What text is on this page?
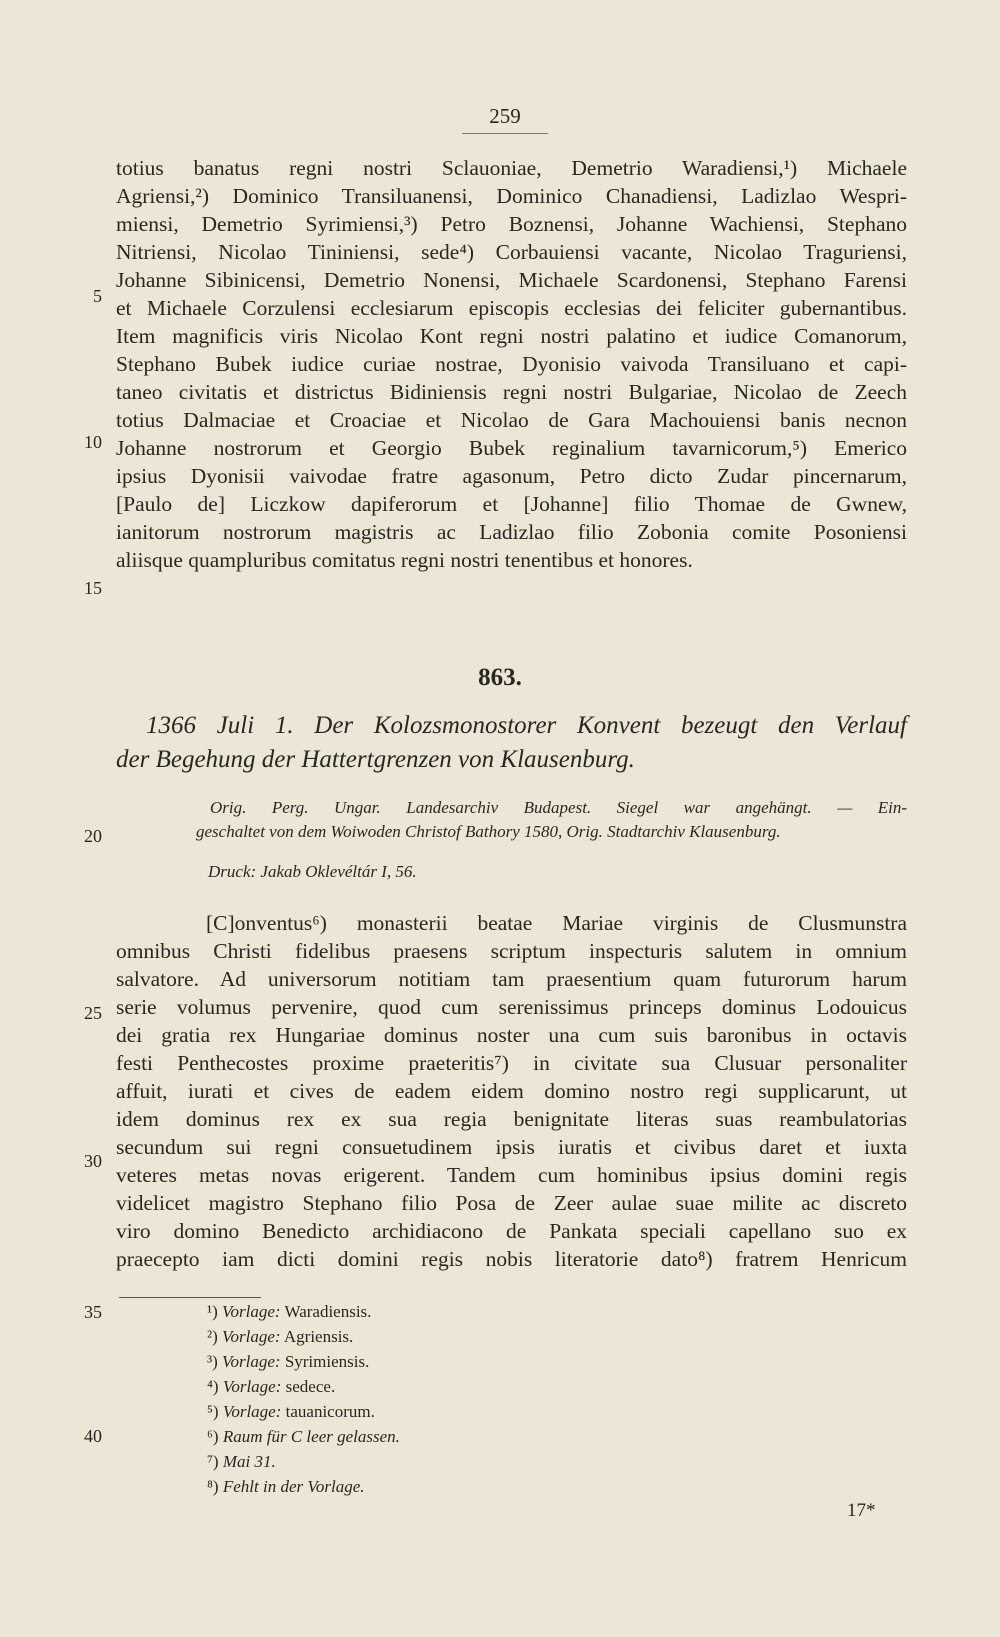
259
totius banatus regni nostri Sclauoniae, Demetrio Waradiensi,¹) Michaele
Agriensi,²) Dominico Transiluanensi, Dominico Chanadiensi, Ladizlao Wespri-
miensi, Demetrio Syrimiensi,³) Petro Boznensi, Johanne Wachiensi, Stephano
Nitriensi, Nicolao Tininiensi, sede⁴) Corbauiensi vacante, Nicolao Traguriensi,
Johanne Sibinicensi, Demetrio Nonensi, Michaele Scardonensi, Stephano Farensi
et Michaele Corzulensi ecclesiarum episcopis ecclesias dei feliciter gubernantibus.
Item magnificis viris Nicolao Kont regni nostri palatino et iudice Comanorum,
Stephano Bubek iudice curiae nostrae, Dyonisio vaivoda Transiluano et capi-
taneo civitatis et districtus Bidiniensis regni nostri Bulgariae, Nicolao de Zeech
totius Dalmaciae et Croaciae et Nicolao de Gara Machouiensi banis necnon
Johanne nostrorum et Georgio Bubek reginalium tavarnicorum,⁵) Emerico
ipsius Dyonisii vaivodae fratre agasonum, Petro dicto Zudar pincernarum,
[Paulo de] Liczkow dapiferorum et [Johanne] filio Thomae de Gwnew,
ianitorum nostrorum magistris ac Ladizlao filio Zobonia comite Posoniensi
aliisque quampluribus comitatus regni nostri tenentibus et honores.
863.
1366 Juli 1. Der Kolozsmonostorer Konvent bezeugt den Verlauf
der Begehung der Hattertgrenzen von Klausenburg.
Orig. Perg. Ungar. Landesarchiv Budapest. Siegel war angehängt. — Ein-
geschaltet von dem Woiwoden Christof Bathory 1580, Orig. Stadtarchiv Klausenburg.
Druck: Jakab Oklevéltár I, 56.
[C]onventus⁶) monasterii beatae Mariae virginis de Clusmunstra
omnibus Christi fidelibus praesens scriptum inspecturis salutem in omnium
salvatore. Ad universorum notitiam tam praesentium quam futurorum harum
serie volumus pervenire, quod cum serenissimus princeps dominus Lodouicus
dei gratia rex Hungariae dominus noster una cum suis baronibus in octavis
festi Penthecostes proxime praeteritis⁷) in civitate sua Clusuar personaliter
affuit, iurati et cives de eadem eidem domino nostro regi supplicarunt, ut
idem dominus rex ex sua regia benignitate literas suas reambulatorias
secundum sui regni consuetudinem ipsis iuratis et civibus daret et iuxta
veteres metas novas erigerent. Tandem cum hominibus ipsius domini regis
videlicet magistro Stephano filio Posa de Zeer aulae suae milite ac discreto
viro domino Benedicto archidiacono de Pankata speciali capellano suo ex
praecepto iam dicti domini regis nobis literatorie dato⁸) fratrem Henricum
5
10
15
20
25
30
35
40
¹) Vorlage: Waradiensis.
²) Vorlage: Agriensis.
³) Vorlage: Syrimiensis.
⁴) Vorlage: sedece.
⁵) Vorlage: tauanicorum.
⁶) Raum für C leer gelassen.
⁷) Mai 31.
⁸) Fehlt in der Vorlage.
17*
